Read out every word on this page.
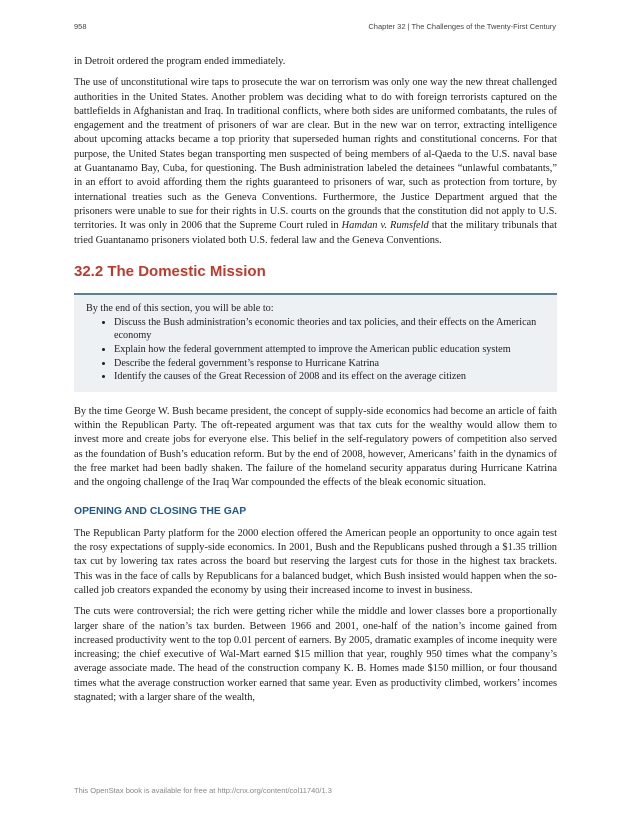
958	Chapter 32 | The Challenges of the Twenty-First Century

in Detroit ordered the program ended immediately.

The use of unconstitutional wire taps to prosecute the war on terrorism was only one way the new threat challenged authorities in the United States. Another problem was deciding what to do with foreign terrorists captured on the battlefields in Afghanistan and Iraq. In traditional conflicts, where both sides are uniformed combatants, the rules of engagement and the treatment of prisoners of war are clear. But in the new war on terror, extracting intelligence about upcoming attacks became a top priority that superseded human rights and constitutional concerns. For that purpose, the United States began transporting men suspected of being members of al-Qaeda to the U.S. naval base at Guantanamo Bay, Cuba, for questioning. The Bush administration labeled the detainees “unlawful combatants,” in an effort to avoid affording them the rights guaranteed to prisoners of war, such as protection from torture, by international treaties such as the Geneva Conventions. Furthermore, the Justice Department argued that the prisoners were unable to sue for their rights in U.S. courts on the grounds that the constitution did not apply to U.S. territories. It was only in 2006 that the Supreme Court ruled in Hamdan v. Rumsfeld that the military tribunals that tried Guantanamo prisoners violated both U.S. federal law and the Geneva Conventions.

32.2 The Domestic Mission
By the end of this section, you will be able to:
• Discuss the Bush administration’s economic theories and tax policies, and their effects on the American economy
• Explain how the federal government attempted to improve the American public education system
• Describe the federal government’s response to Hurricane Katrina
• Identify the causes of the Great Recession of 2008 and its effect on the average citizen

By the time George W. Bush became president, the concept of supply-side economics had become an article of faith within the Republican Party. The oft-repeated argument was that tax cuts for the wealthy would allow them to invest more and create jobs for everyone else. This belief in the self-regulatory powers of competition also served as the foundation of Bush’s education reform. But by the end of 2008, however, Americans’ faith in the dynamics of the free market had been badly shaken. The failure of the homeland security apparatus during Hurricane Katrina and the ongoing challenge of the Iraq War compounded the effects of the bleak economic situation.

OPENING AND CLOSING THE GAP

The Republican Party platform for the 2000 election offered the American people an opportunity to once again test the rosy expectations of supply-side economics. In 2001, Bush and the Republicans pushed through a $1.35 trillion tax cut by lowering tax rates across the board but reserving the largest cuts for those in the highest tax brackets. This was in the face of calls by Republicans for a balanced budget, which Bush insisted would happen when the so-called job creators expanded the economy by using their increased income to invest in business.

The cuts were controversial; the rich were getting richer while the middle and lower classes bore a proportionally larger share of the nation’s tax burden. Between 1966 and 2001, one-half of the nation’s income gained from increased productivity went to the top 0.01 percent of earners. By 2005, dramatic examples of income inequity were increasing; the chief executive of Wal-Mart earned $15 million that year, roughly 950 times what the company’s average associate made. The head of the construction company K. B. Homes made $150 million, or four thousand times what the average construction worker earned that same year. Even as productivity climbed, workers’ incomes stagnated; with a larger share of the wealth,

This OpenStax book is available for free at http://cnx.org/content/col11740/1.3
